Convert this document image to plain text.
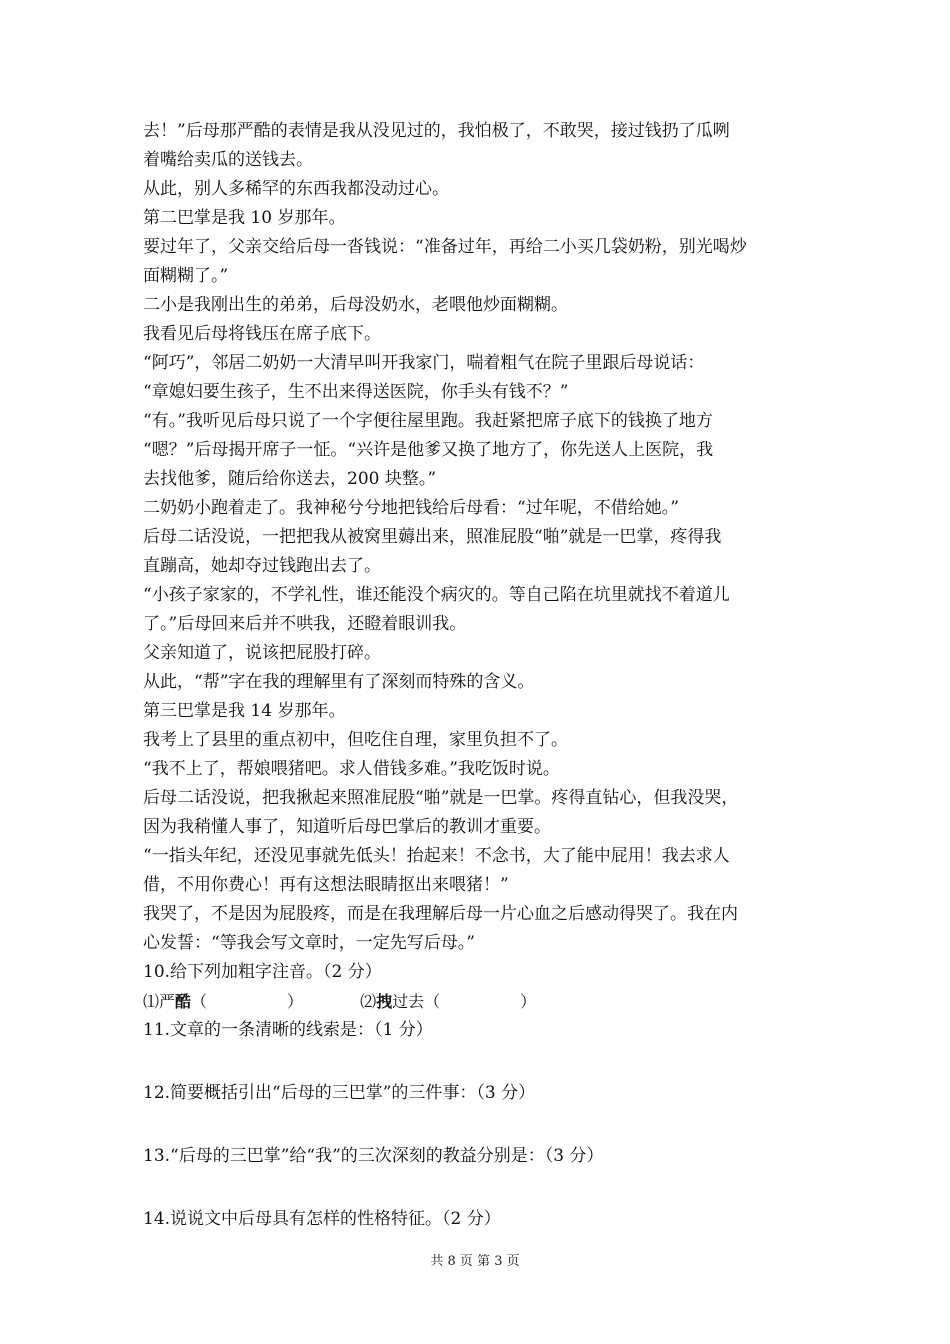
去！”后母那严酷的表情是我从没见过的，我怕极了，不敢哭，接过钱扔了瓜咧
着嘴给卖瓜的送钱去。
从此，别人多稀罕的东西我都没动过心。
第二巴掌是我 10 岁那年。
要过年了，父亲交给后母一沓钱说：“准备过年，再给二小买几袋奶粉，别光喝炒
面糊糊了。”
二小是我刚出生的弟弟，后母没奶水，老喂他炒面糊糊。
我看见后母将钱压在席子底下。
“阿巧”，邻居二奶奶一大清早叫开我家门，喘着粗气在院子里跟后母说话：
“章媳妇要生孩子，生不出来得送医院，你手头有钱不？”
“有。”我听见后母只说了一个字便往屋里跑。我赶紧把席子底下的钱换了地方
“嗯？”后母揭开席子一怔。“兴许是他爹又换了地方了，你先送人上医院，我
去找他爹，随后给你送去，200 块整。”
二奶奶小跑着走了。我神秘兮兮地把钱给后母看：“过年呢，不借给她。”
后母二话没说，一把把我从被窝里薅出来，照准屁股“啪”就是一巴掌，疼得我
直蹦高，她却夺过钱跑出去了。
“小孩子家家的，不学礼性，谁还能没个病灾的。等自己陷在坑里就找不着道儿
了。”后母回来后并不哄我，还瞪着眼训我。
父亲知道了，说该把屁股打碎。
从此，“帮”字在我的理解里有了深刻而特殊的含义。
第三巴掌是我 14 岁那年。
我考上了县里的重点初中，但吃住自理，家里负担不了。
“我不上了，帮娘喂猪吧。求人借钱多难。”我吃饭时说。
后母二话没说，把我揪起来照准屁股“啪”就是一巴掌。疼得直钻心，但我没哭，
因为我稍懂人事了，知道听后母巴掌后的教训才重要。
“一指头年纪，还没见事就先低头！抬起来！不念书，大了能中屁用！我去求人
借，不用你费心！再有这想法眼睛抠出来喂猪！”
我哭了，不是因为屁股疼，而是在我理解后母一片心血之后感动得哭了。我在内
心发誓：“等我会写文章时，一定先写后母。”
10.给下列加粗字注音。（2 分）
⑴严酷（　　　　　）	⑵拽过去（　　　　　）
11.文章的一条清晰的线索是：（1 分）
12.简要概括引出“后母的三巴掌”的三件事：（3 分）
13.“后母的三巴掌”给“我”的三次深刻的教益分别是：（3 分）
14.说说文中后母具有怎样的性格特征。（2 分）
共 8 页 第 3 页
